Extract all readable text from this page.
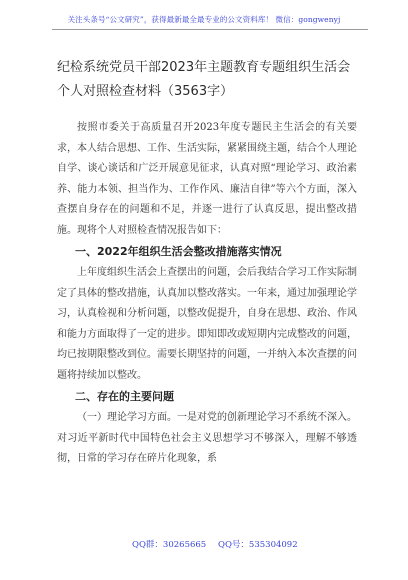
关注头条号“公文研究”，获得最新最全最专业的公文资料库！ 微信：gongwenyj
纪检系统党员干部2023年主题教育专题组织生活会个人对照检查材料（3563字）

按照市委关于高质量召开2023年度专题民主生活会的有关要求，本人结合思想、工作、生活实际，紧紧围绕主题，结合个人理论自学、谈心谈话和广泛开展意见征求，认真对照“理论学习、政治素养、能力本领、担当作为、工作作风、廉洁自律”等六个方面，深入查摆自身存在的问题和不足，并逐一进行了认真反思，提出整改措施。现将个人对照检查情况报告如下：

一、2022年组织生活会整改措施落实情况

上年度组织生活会上查摆出的问题，会后我结合学习工作实际制定了具体的整改措施，认真加以整改落实。一年来，通过加强理论学习，认真检视和分析问题，以整改促提升，自身在思想、政治、作风和能力方面取得了一定的进步。即知即改或短期内完成整改的问题，均已按期限整改到位。需要长期坚持的问题，一并纳入本次查摆的问题将持续加以整改。

二、存在的主要问题

（一）理论学习方面。一是对党的创新理论学习不系统不深入。对习近平新时代中国特色社会主义思想学习不够深入，理解不够透彻，日常的学习存在碎片化现象，系

QQ群：30265665 QQ号：535304092
